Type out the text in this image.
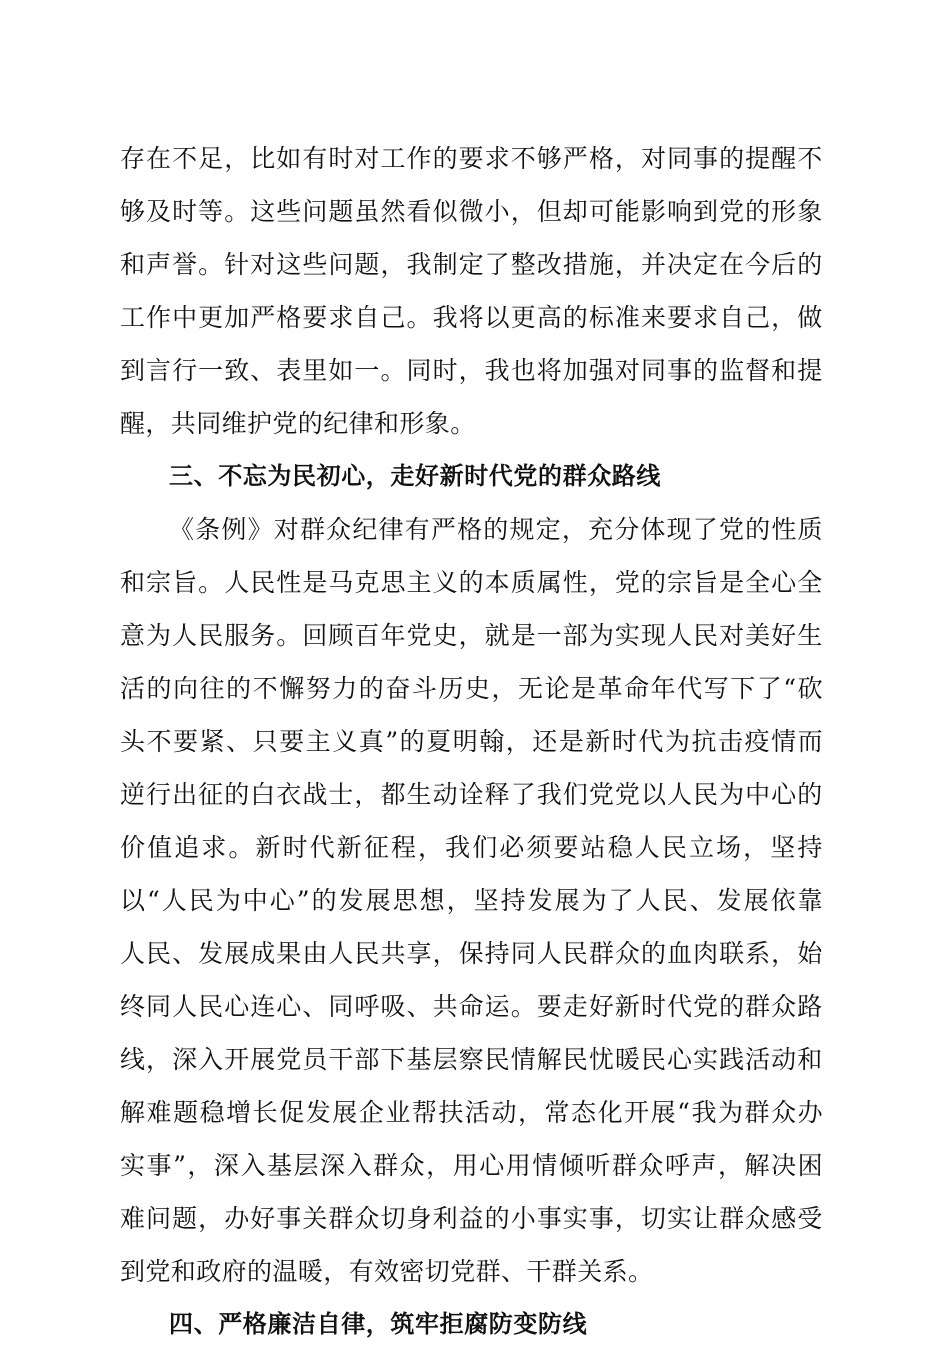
存 在 不 足 ， 比 如 有 时 对 工 作 的 要 求 不 够 严 格 ， 对 同 事 的 提 醒 不
够 及 时 等 。 这 些 问 题 虽 然 看 似 微 小 ， 但 却 可 能 影 响 到 党 的 形 象
和 声 誉 。 针 对 这 些 问 题 ， 我 制 定 了 整 改 措 施 ， 并 决 定 在 今 后 的
工 作 中 更 加 严 格 要 求 自 己 。 我 将 以 更 高 的 标 准 来 要 求 自 己 ， 做
到 言 行 一 致 、 表 里 如 一 。 同 时 ， 我 也 将 加 强 对 同 事 的 监 督 和 提
醒，共同维护党的纪律和形象。
三、不忘为民初心，走好新时代党的群众路线
《 条 例 》 对 群 众 纪 律 有 严 格 的 规 定 ， 充 分 体 现 了 党 的 性 质
和 宗 旨 。 人 民 性 是 马 克 思 主 义 的 本 质 属 性 ， 党 的 宗 旨 是 全 心 全
意 为 人 民 服 务 。 回 顾 百 年 党 史 ， 就 是 一 部 为 实 现 人 民 对 美 好 生
活 的 向 往 的 不 懈 努 力 的 奋 斗 历 史 ， 无 论 是 革 命 年 代 写 下 了 “ 砍
头 不 要 紧 、 只 要 主 义 真 ” 的 夏 明 翰 ， 还 是 新 时 代 为 抗 击 疫 情 而
逆 行 出 征 的 白 衣 战 士 ， 都 生 动 诠 释 了 我 们 党 党 以 人 民 为 中 心 的
价 值 追 求 。 新 时 代 新 征 程 ， 我 们 必 须 要 站 稳 人 民 立 场 ， 坚 持
以 “ 人 民 为 中 心 ” 的 发 展 思 想 ， 坚 持 发 展 为 了 人 民 、 发 展 依 靠
人 民 、 发 展 成 果 由 人 民 共 享 ， 保 持 同 人 民 群 众 的 血 肉 联 系 ， 始
终 同 人 民 心 连 心 、 同 呼 吸 、 共 命 运 。 要 走 好 新 时 代 党 的 群 众 路
线 ， 深 入 开 展 党 员 干 部 下 基 层 察 民 情 解 民 忧 暖 民 心 实 践 活 动 和
解 难 题 稳 增 长 促 发 展 企 业 帮 扶 活 动 ， 常 态 化 开 展 “ 我 为 群 众 办
实 事 ” ， 深 入 基 层 深 入 群 众 ， 用 心 用 情 倾 听 群 众 呼 声 ， 解 决 困
难 问 题 ， 办 好 事 关 群 众 切 身 利 益 的 小 事 实 事 ， 切 实 让 群 众 感 受
到党和政府的温暖，有效密切党群、干群关系。
四、严格廉洁自律，筑牢拒腐防变防线
